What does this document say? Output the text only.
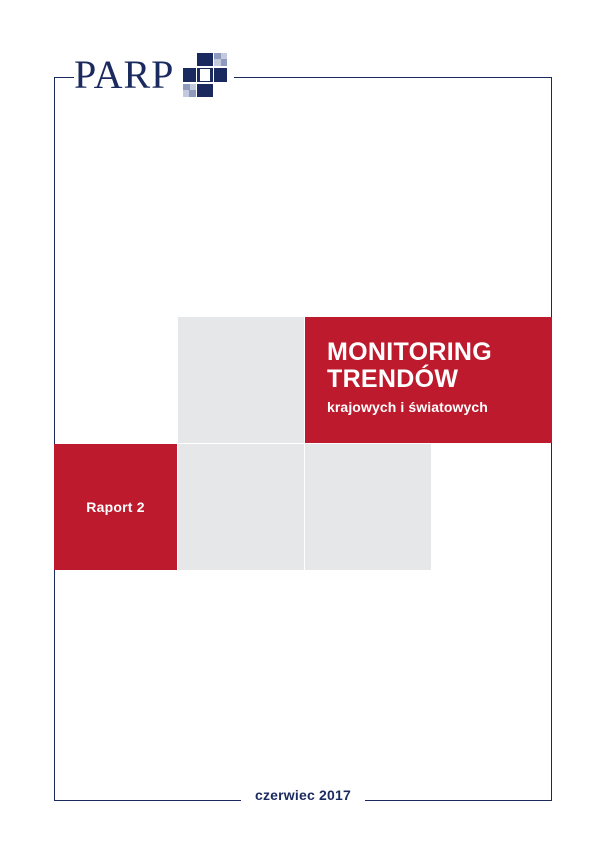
PARP
MONITORING
TRENDÓW
krajowych i światowych
Raport 2
czerwiec 2017
